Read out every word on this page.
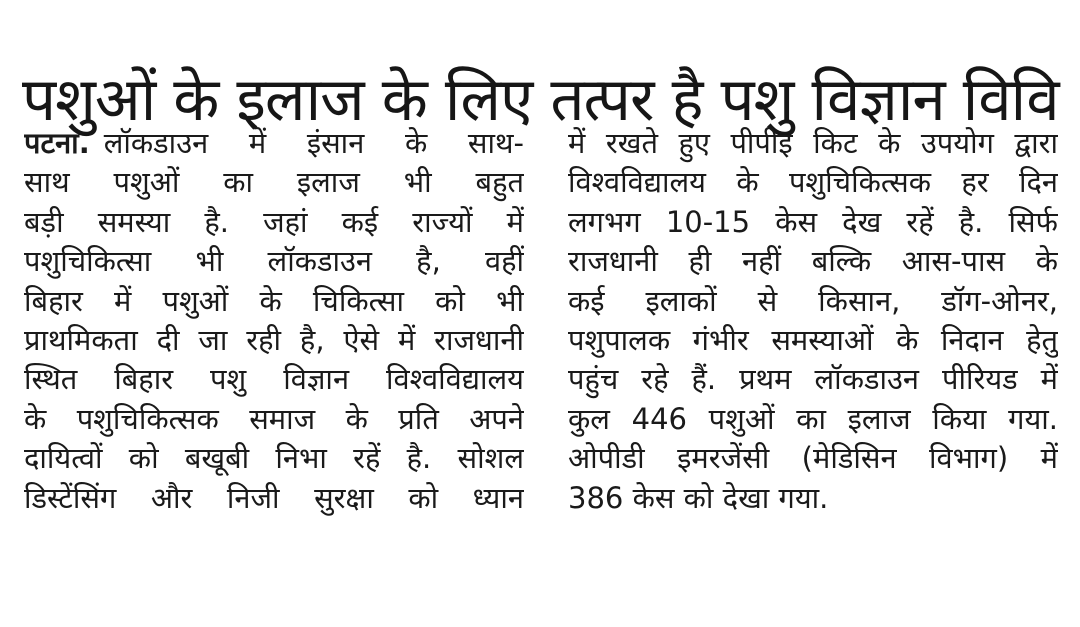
पशुओं के इलाज के लिए तत्पर है पशु विज्ञान विवि
पटना. लॉकडाउन में इंसान के साथ-
साथ पशुओं का इलाज भी बहुत
बड़ी समस्या है. जहां कई राज्यों में
पशुचिकित्सा भी लॉकडाउन है, वहीं
बिहार में पशुओं के चिकित्सा को भी
प्राथमिकता दी जा रही है, ऐसे में राजधानी
स्थित बिहार पशु विज्ञान विश्वविद्यालय
के पशुचिकित्सक समाज के प्रति अपने
दायित्वों को बखूबी निभा रहें है. सोशल
डिस्टेंसिंग और निजी सुरक्षा को ध्यान
में रखते हुए पीपीइ किट के उपयोग द्वारा
विश्वविद्यालय के पशुचिकित्सक हर दिन
लगभग 10-15 केस देख रहें है. सिर्फ
राजधानी ही नहीं बल्कि आस-पास के
कई इलाकों से किसान, डॉग-ओनर,
पशुपालक गंभीर समस्याओं के निदान हेतु
पहुंच रहे हैं. प्रथम लॉकडाउन पीरियड में
कुल 446 पशुओं का इलाज किया गया.
ओपीडी इमरजेंसी (मेडिसिन विभाग) में
386 केस को देखा गया.
